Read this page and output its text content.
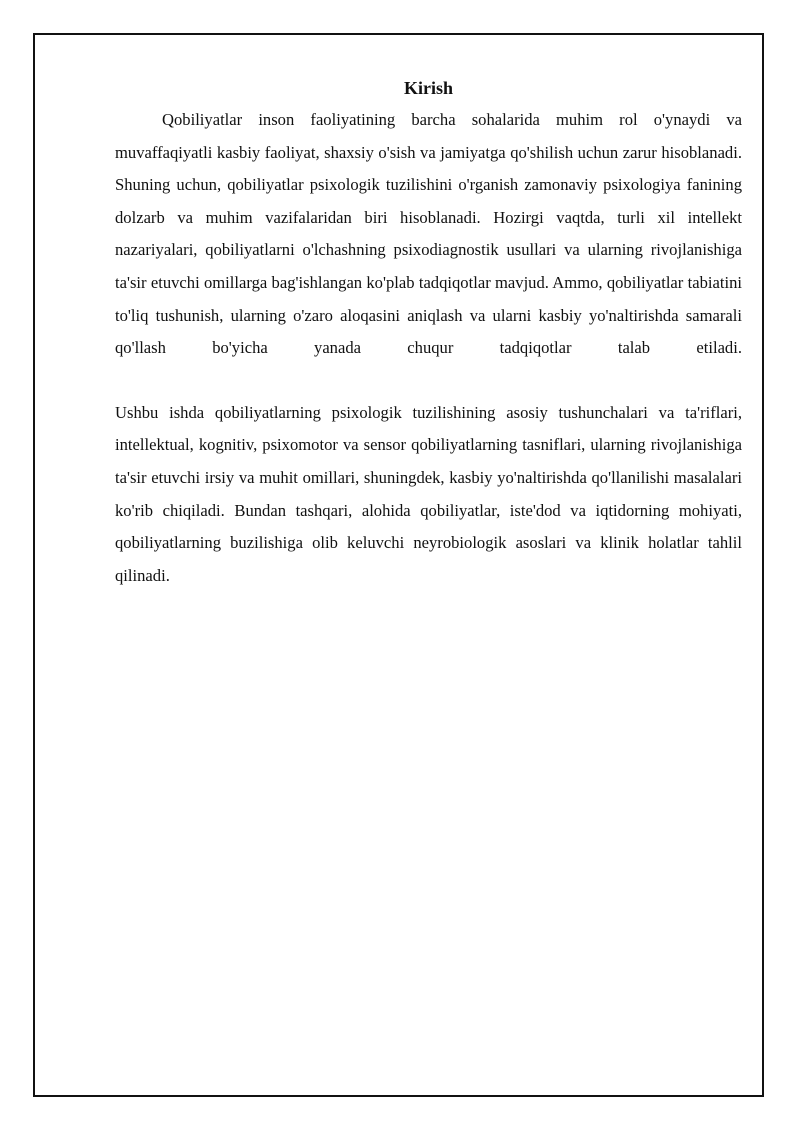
Kirish

Qobiliyatlar inson faoliyatining barcha sohalarida muhim rol o'ynaydi va muvaffaqiyatli kasbiy faoliyat, shaxsiy o'sish va jamiyatga qo'shilish uchun zarur hisoblanadi. Shuning uchun, qobiliyatlar psixologik tuzilishini o'rganish zamonaviy psixologiya fanining dolzarb va muhim vazifalaridan biri hisoblanadi. Hozirgi vaqtda, turli xil intellekt nazariyalari, qobiliyatlarni o'lchashning psixodiagnostik usullari va ularning rivojlanishiga ta'sir etuvchi omillarga bag'ishlangan ko'plab tadqiqotlar mavjud. Ammo, qobiliyatlar tabiatini to'liq tushunish, ularning o'zaro aloqasini aniqlash va ularni kasbiy yo'naltirishda samarali qo'llash bo'yicha yanada chuqur tadqiqotlar talab etiladi.

Ushbu ishda qobiliyatlarning psixologik tuzilishining asosiy tushunchalari va ta'riflari, intellektual, kognitiv, psixomotor va sensor qobiliyatlarning tasniflari, ularning rivojlanishiga ta'sir etuvchi irsiy va muhit omillari, shuningdek, kasbiy yo'naltirishda qo'llanilishi masalalari ko'rib chiqiladi. Bundan tashqari, alohida qobiliyatlar, iste'dod va iqtidorning mohiyati, qobiliyatlarning buzilishiga olib keluvchi neyrobiologik asoslari va klinik holatlar tahlil qilinadi.
